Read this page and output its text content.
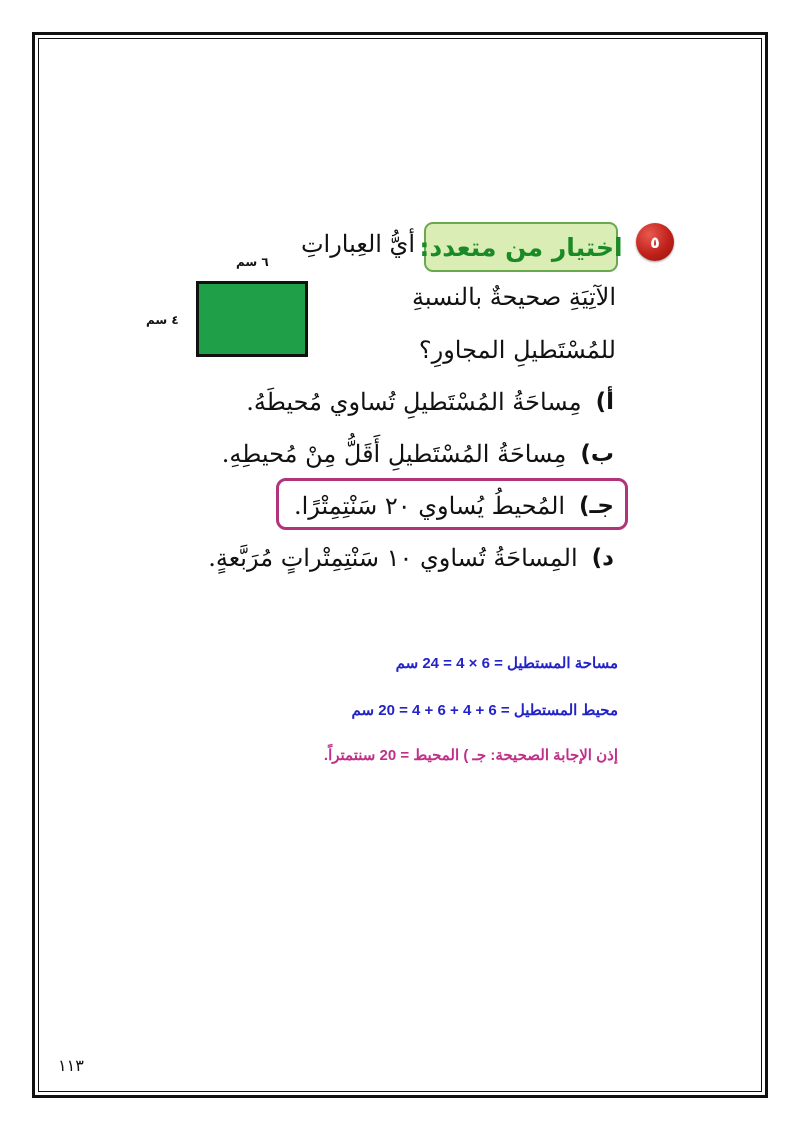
٥
اختيار من متعدد:
أيُّ العِباراتِ
الآتِيَةِ صحيحةٌ بالنسبةِ
للمُسْتَطيلِ المجاورِ؟
٦ سم
٤ سم
أ)
مِساحَةُ المُسْتَطيلِ تُساوي مُحيطَهُ.
ب)
مِساحَةُ المُسْتَطيلِ أَقَلُّ مِنْ مُحيطِهِ.
جـ)
المُحيطُ يُساوي ٢٠ سَنْتِمِتْرًا.
د)
المِساحَةُ تُساوي ١٠ سَنْتِمِتْراتٍ مُرَبَّعةٍ.
مساحة المستطيل = 6 × 4 = 24 سم
محيط المستطيل = 6 + 4 + 6 + 4 = 20 سم
إذن الإجابة الصحيحة: جـ ) المحيط = 20 سنتمتراً.
١١٣
